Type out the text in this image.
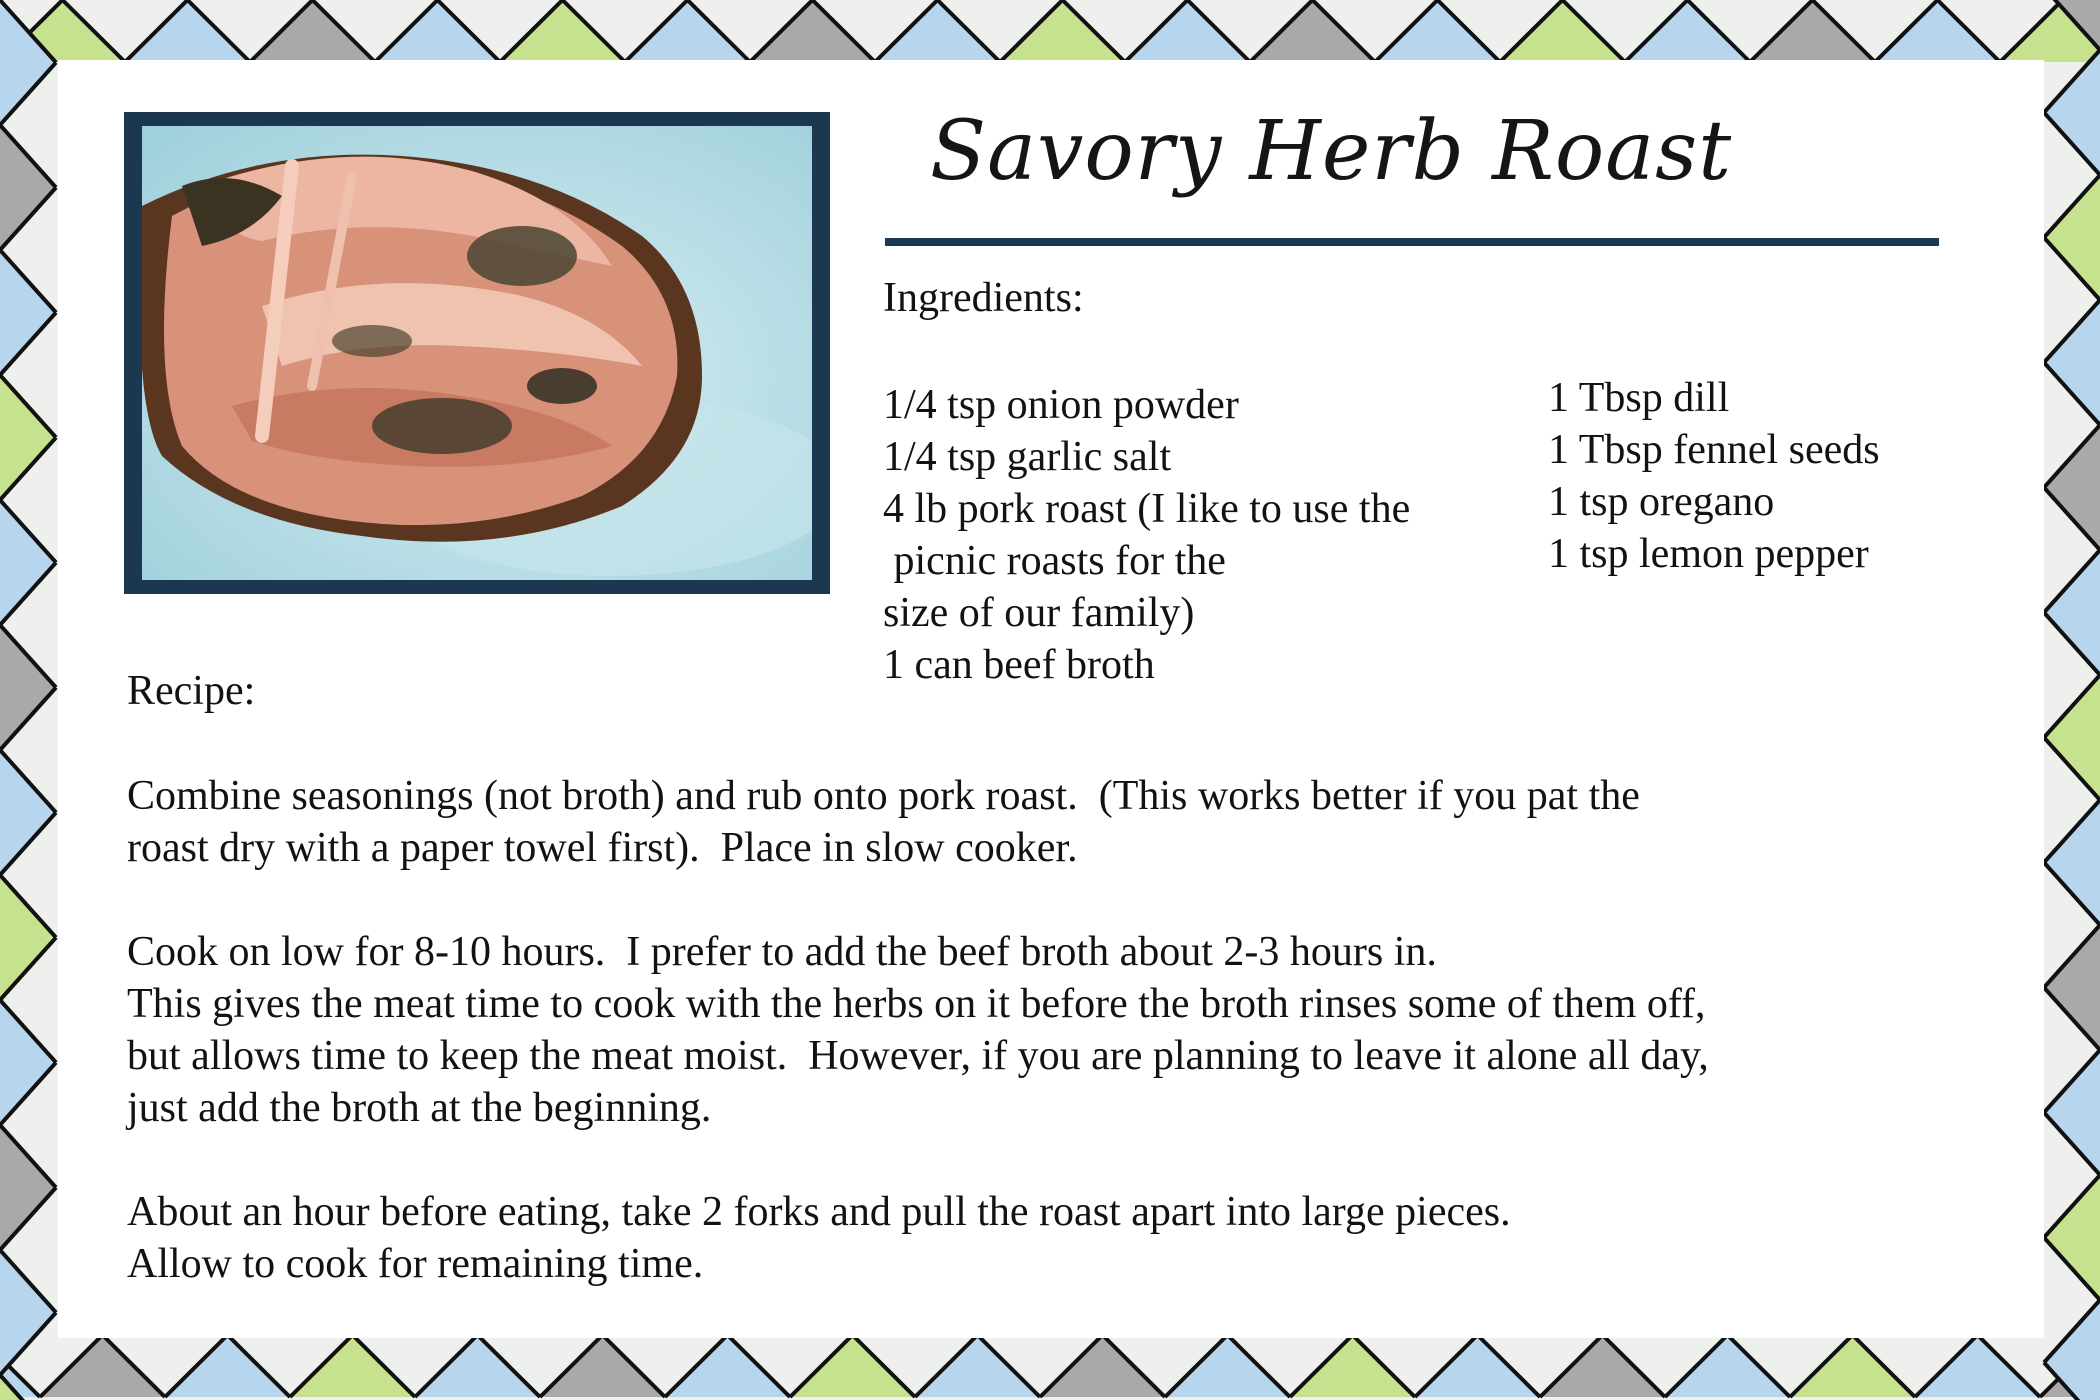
Savory Herb Roast
Ingredients:
1/4 tsp onion powder
1/4 tsp garlic salt
4 lb pork roast (I like to use the
picnic roasts for the
size of our family)
1 can beef broth
1 Tbsp dill
1 Tbsp fennel seeds
1 tsp oregano
1 tsp lemon pepper
Recipe:

Combine seasonings (not broth) and rub onto pork roast.  (This works better if you pat the
roast dry with a paper towel first).  Place in slow cooker.

Cook on low for 8-10 hours.  I prefer to add the beef broth about 2-3 hours in.
This gives the meat time to cook with the herbs on it before the broth rinses some of them off,
but allows time to keep the meat moist.  However, if you are planning to leave it alone all day,
just add the broth at the beginning.

About an hour before eating, take 2 forks and pull the roast apart into large pieces.
Allow to cook for remaining time.
